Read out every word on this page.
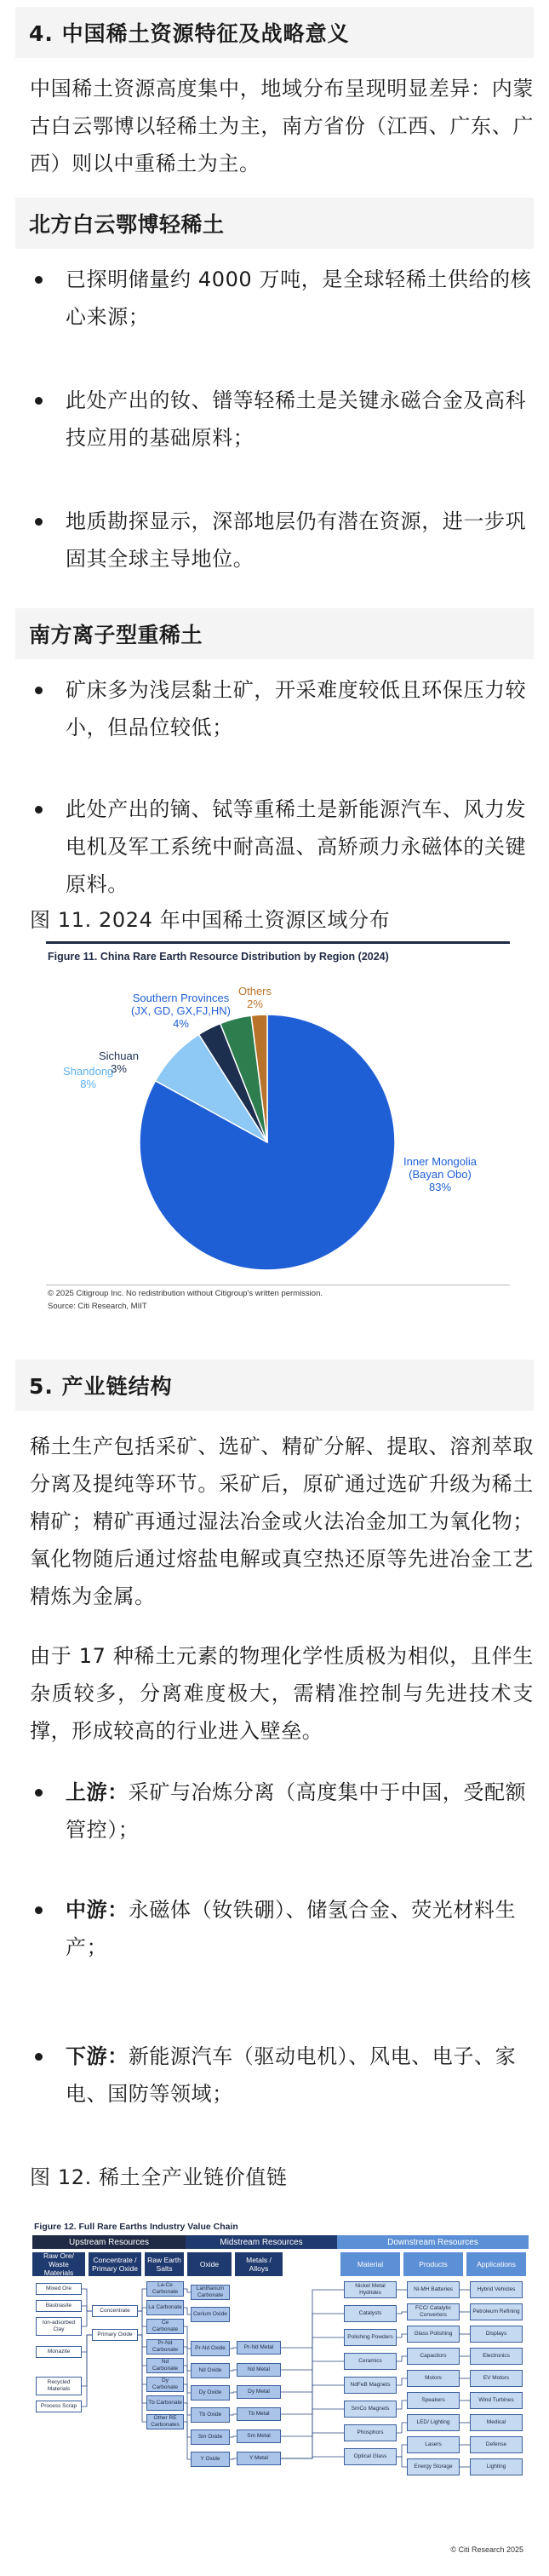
4. 中国稀土资源特征及战略意义
中国稀土资源高度集中，地域分布呈现明显差异：内蒙古白云鄂博以轻稀土为主，南方省份（江西、广东、广西）则以中重稀土为主。
北方白云鄂博轻稀土
已探明储量约 4000 万吨，是全球轻稀土供给的核心来源；
此处产出的钕、镨等轻稀土是关键永磁合金及高科技应用的基础原料；
地质勘探显示，深部地层仍有潜在资源，进一步巩固其全球主导地位。
南方离子型重稀土
矿床多为浅层黏土矿，开采难度较低且环保压力较小，但品位较低；
此处产出的镝、铽等重稀土是新能源汽车、风力发电机及军工系统中耐高温、高矫顽力永磁体的关键原料。
图 11. 2024 年中国稀土资源区域分布
Figure 11. China Rare Earth Resource Distribution by Region (2024)
Inner Mongolia
(Bayan Obo)
83%
Shandong
8%
Sichuan
3%
Southern Provinces
(JX, GD, GX,FJ,HN)
4%
Others
2%
© 2025 Citigroup Inc. No redistribution without Citigroup's written permission.
Source: Citi Research, MIIT
5. 产业链结构
稀土生产包括采矿、选矿、精矿分解、提取、溶剂萃取分离及提纯等环节。采矿后，原矿通过选矿升级为稀土精矿；精矿再通过湿法冶金或火法冶金加工为氧化物；氧化物随后通过熔盐电解或真空热还原等先进冶金工艺精炼为金属。
由于 17 种稀土元素的物理化学性质极为相似，且伴生杂质较多，分离难度极大，需精准控制与先进技术支撑，形成较高的行业进入壁垒。
上游：采矿与冶炼分离（高度集中于中国，受配额管控）；
中游：永磁体（钕铁硼）、储氢合金、荧光材料生产；
下游：新能源汽车（驱动电机）、风电、电子、家电、国防等领域；
图 12. 稀土全产业链价值链
Figure 12. Full Rare Earths Industry Value Chain
Upstream Resources	Midstream Resources	Downstream Resources
Raw Ore/ Waste Materials
Concentrate / Primary Oxide
Raw Earth Salts	Oxide	Metals / Alloys	Material	Products	Applications
Mixed Ore
Bastnasite
Ion-adsorbed Clay
Monazite
Recycled Materials
Process Scrap
Concentrate
Primary Oxide
La-Ce Carbonate
La Carbonate
Ce Carbonate
Pr-Nd Carbonate
Nd Carbonate
Dy Carbonate
Tb Carbonate
Other RE Carbonates
Lanthanum Carbonate
Cerium Oxide
Pr-Nd Oxide
Nd Oxide
Dy Oxide
Tb Oxide
Sm Oxide
Y Oxide
Pr-Nd Metal
Nd Metal
Dy Metal
Tb Metal
Sm Metal
Y Metal
Nickel Metal Hydrides
Catalysts
Polishing Powders
Ceramics
NdFeB Magnets
SmCo Magnets
Phosphors
Optical Glass
Ni-MH Batteries
FCC/ Catalytic Converters
Glass Polishing
Capacitors
Motors
Speakers
LED/ Lighting
Lasers
Energy Storage
Hybrid Vehicles
Petroleum Refining
Displays
Electronics
EV Motors
Wind Turbines
Medical
Defense
Lighting
© Citi Research 2025
